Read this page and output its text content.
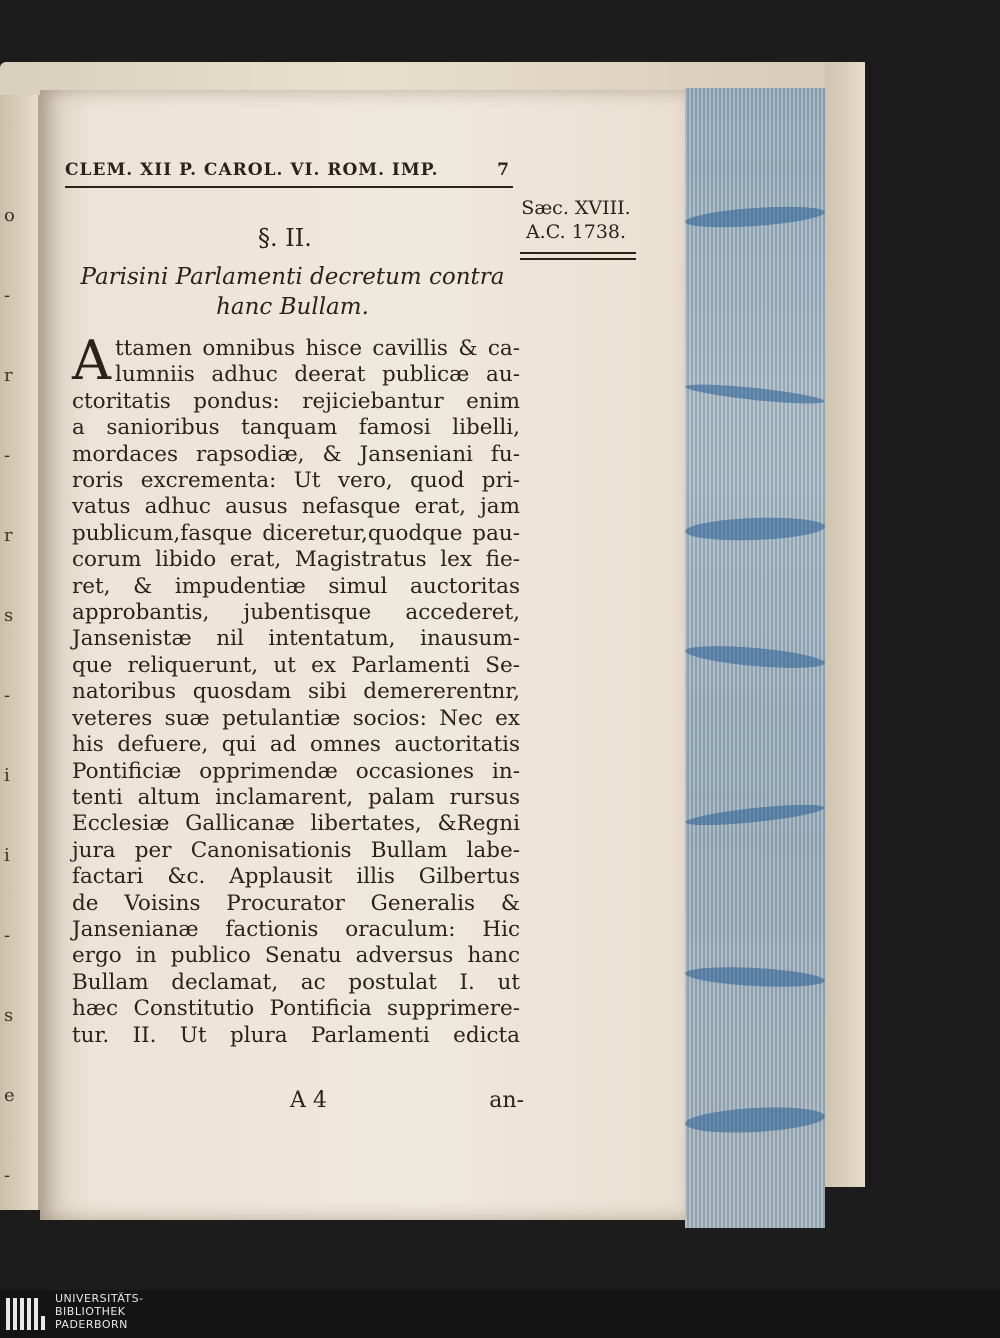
o
-
r
-
r
s
-
i
i
-
s
e
-
CLEM. XII P. CAROL. VI. ROM. IMP.	7
Sæc. XVIII.
A.C. 1738.
§. II.
Parisini Parlamenti decretum contra
hanc Bullam.
A ttamen omnibus hisce cavillis & ca-
lumniis adhuc deerat publicæ au-
ctoritatis pondus: rejiciebantur enim
a sanioribus tanquam famosi libelli,
mordaces rapsodiæ, & Janseniani fu-
roris excrementa: Ut vero, quod pri-
vatus adhuc ausus nefasque erat, jam
publicum,fasque diceretur,quodque pau-
corum libido erat, Magistratus lex fie-
ret, & impudentiæ simul auctoritas
approbantis, jubentisque accederet,
Jansenistæ nil intentatum, inausum-
que reliquerunt, ut ex Parlamenti Se-
natoribus quosdam sibi demererentnr,
veteres suæ petulantiæ socios: Nec ex
his defuere, qui ad omnes auctoritatis
Pontificiæ opprimendæ occasiones in-
tenti altum inclamarent, palam rursus
Ecclesiæ Gallicanæ libertates, &Regni
jura per Canonisationis Bullam labe-
factari &c. Applausit illis Gilbertus
de Voisins Procurator Generalis &
Jansenianæ factionis oraculum: Hic
ergo in publico Senatu adversus hanc
Bullam declamat, ac postulat I. ut
hæc Constitutio Pontificia supprimere-
tur. II. Ut plura Parlamenti edicta
A 4	an-
UNIVERSITÄTS-
BIBLIOTHEK
PADERBORN
